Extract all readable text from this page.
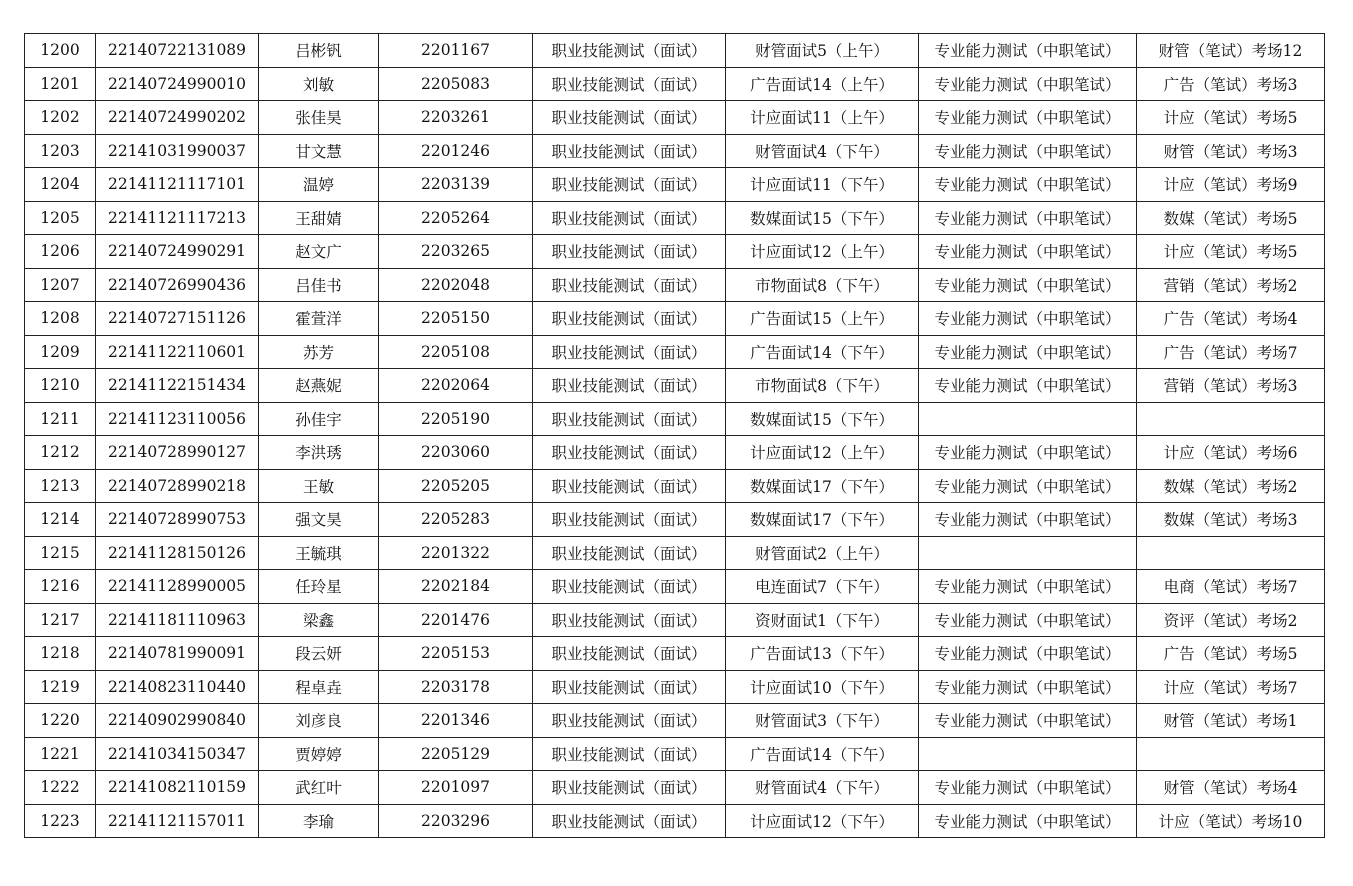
1200	22140722131089	吕彬钒	2201167	职业技能测试（面试）	财管面试5（上午）	专业能力测试（中职笔试）	财管（笔试）考场12
1201	22140724990010	刘敏	2205083	职业技能测试（面试）	广告面试14（上午）	专业能力测试（中职笔试）	广告（笔试）考场3
1202	22140724990202	张佳昊	2203261	职业技能测试（面试）	计应面试11（上午）	专业能力测试（中职笔试）	计应（笔试）考场5
1203	22141031990037	甘文慧	2201246	职业技能测试（面试）	财管面试4（下午）	专业能力测试（中职笔试）	财管（笔试）考场3
1204	22141121117101	温婷	2203139	职业技能测试（面试）	计应面试11（下午）	专业能力测试（中职笔试）	计应（笔试）考场9
1205	22141121117213	王甜婧	2205264	职业技能测试（面试）	数媒面试15（下午）	专业能力测试（中职笔试）	数媒（笔试）考场5
1206	22140724990291	赵文广	2203265	职业技能测试（面试）	计应面试12（上午）	专业能力测试（中职笔试）	计应（笔试）考场5
1207	22140726990436	吕佳书	2202048	职业技能测试（面试）	市物面试8（下午）	专业能力测试（中职笔试）	营销（笔试）考场2
1208	22140727151126	霍萱洋	2205150	职业技能测试（面试）	广告面试15（上午）	专业能力测试（中职笔试）	广告（笔试）考场4
1209	22141122110601	苏芳	2205108	职业技能测试（面试）	广告面试14（下午）	专业能力测试（中职笔试）	广告（笔试）考场7
1210	22141122151434	赵燕妮	2202064	职业技能测试（面试）	市物面试8（下午）	专业能力测试（中职笔试）	营销（笔试）考场3
1211	22141123110056	孙佳宇	2205190	职业技能测试（面试）	数媒面试15（下午）		
1212	22140728990127	李洪琇	2203060	职业技能测试（面试）	计应面试12（上午）	专业能力测试（中职笔试）	计应（笔试）考场6
1213	22140728990218	王敏	2205205	职业技能测试（面试）	数媒面试17（下午）	专业能力测试（中职笔试）	数媒（笔试）考场2
1214	22140728990753	强文昊	2205283	职业技能测试（面试）	数媒面试17（下午）	专业能力测试（中职笔试）	数媒（笔试）考场3
1215	22141128150126	王毓琪	2201322	职业技能测试（面试）	财管面试2（上午）		
1216	22141128990005	任玲星	2202184	职业技能测试（面试）	电连面试7（下午）	专业能力测试（中职笔试）	电商（笔试）考场7
1217	22141181110963	梁鑫	2201476	职业技能测试（面试）	资财面试1（下午）	专业能力测试（中职笔试）	资评（笔试）考场2
1218	22140781990091	段云妍	2205153	职业技能测试（面试）	广告面试13（下午）	专业能力测试（中职笔试）	广告（笔试）考场5
1219	22140823110440	程卓垚	2203178	职业技能测试（面试）	计应面试10（下午）	专业能力测试（中职笔试）	计应（笔试）考场7
1220	22140902990840	刘彦良	2201346	职业技能测试（面试）	财管面试3（下午）	专业能力测试（中职笔试）	财管（笔试）考场1
1221	22141034150347	贾婷婷	2205129	职业技能测试（面试）	广告面试14（下午）		
1222	22141082110159	武红叶	2201097	职业技能测试（面试）	财管面试4（下午）	专业能力测试（中职笔试）	财管（笔试）考场4
1223	22141121157011	李瑜	2203296	职业技能测试（面试）	计应面试12（下午）	专业能力测试（中职笔试）	计应（笔试）考场10
